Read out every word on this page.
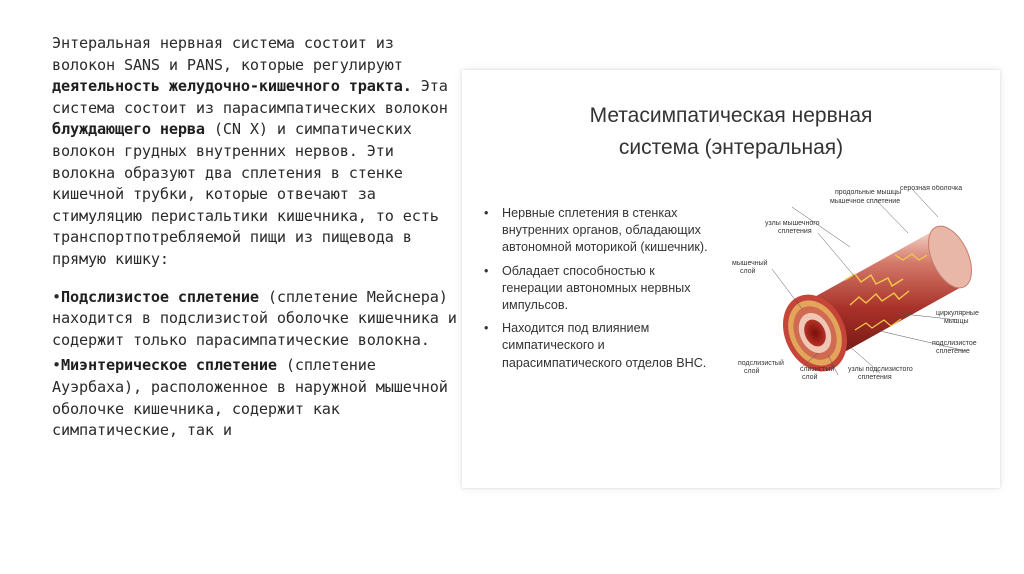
Энтеральная нервная система состоит из волокон SANS и PANS, которые регулируют деятельность желудочно-кишечного тракта. Эта система состоит из парасимпатических волокон блуждающего нерва (CN X) и симпатических волокон грудных внутренних нервов. Эти волокна образуют два сплетения в стенке кишечной трубки, которые отвечают за стимуляцию перистальтики кишечника, то есть транспортпотребляемой пищи из пищевода в прямую кишку:

•Подслизистое сплетение (сплетение Мейснера) находится в подслизистой оболочке кишечника и содержит только парасимпатические волокна.

•Миэнтерическое сплетение (сплетение Ауэрбаха), расположенное в наружной мышечной оболочке кишечника, содержит как симпатические, так и

Метасимпатическая нервная
система (энтеральная)
• Нервные сплетения в стенках внутренних органов, обладающих автономной моторикой (кишечник).
• Обладает способностью к генерации автономных нервных импульсов.
• Находится под влиянием симпатического и парасимпатического отделов ВНС.
серозная оболочка
продольные мышцы
мышечное сплетение
узлы мышечного
сплетения
мышечный
слой
циркулярные
мышцы
подслизистое
сплетение
подслизистый
слой	слизистый
слой
узлы подслизистого
сплетения
